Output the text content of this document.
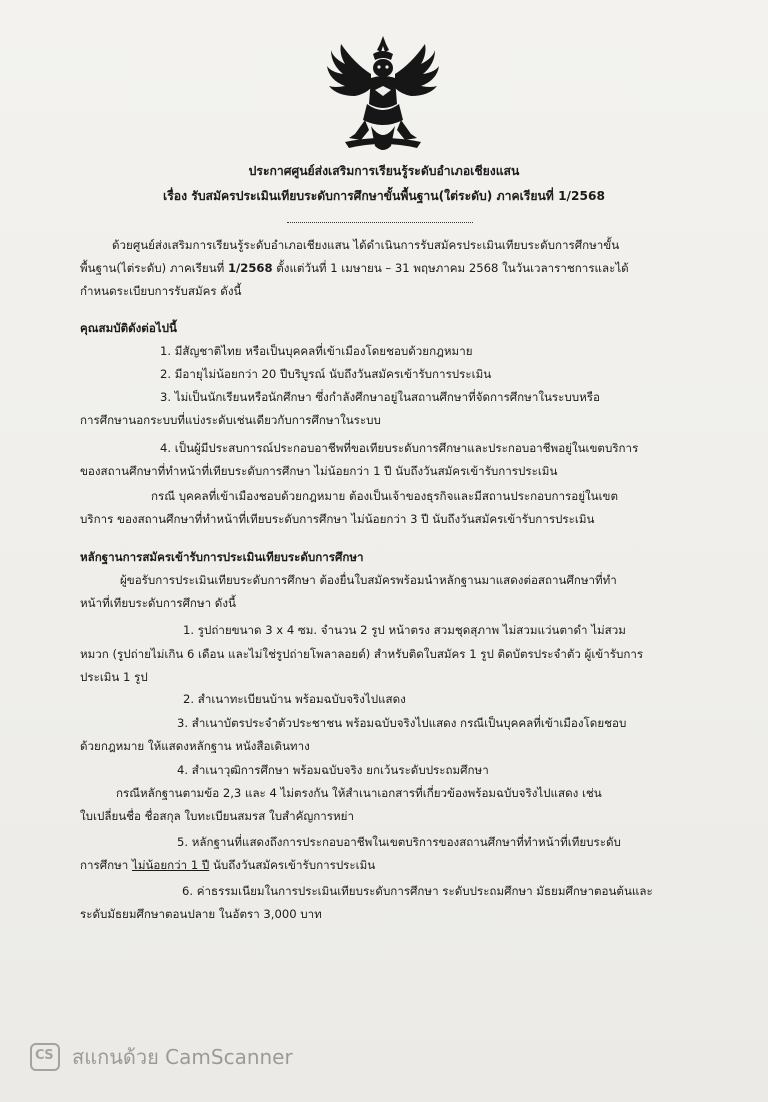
ประกาศศูนย์ส่งเสริมการเรียนรู้ระดับอำเภอเชียงแสน
เรื่อง รับสมัครประเมินเทียบระดับการศึกษาขั้นพื้นฐาน(ใต่ระดับ) ภาคเรียนที่ 1/2568
ด้วยศูนย์ส่งเสริมการเรียนรู้ระดับอำเภอเชียงแสน ได้ดำเนินการรับสมัครประเมินเทียบระดับการศึกษาขั้น
พื้นฐาน(ไต่ระดับ) ภาคเรียนที่ 1/2568 ตั้งแต่วันที่ 1 เมษายน – 31 พฤษภาคม 2568 ในวันเวลาราชการและได้
กำหนดระเบียบการรับสมัคร ดังนี้
คุณสมบัติดังต่อไปนี้
1. มีสัญชาติไทย หรือเป็นบุคคลที่เข้าเมืองโดยชอบด้วยกฎหมาย
2. มีอายุไม่น้อยกว่า 20 ปีบริบูรณ์ นับถึงวันสมัครเข้ารับการประเมิน
3. ไม่เป็นนักเรียนหรือนักศึกษา ซึ่งกำลังศึกษาอยู่ในสถานศึกษาที่จัดการศึกษาในระบบหรือ
การศึกษานอกระบบที่แบ่งระดับเช่นเดียวกับการศึกษาในระบบ
4. เป็นผู้มีประสบการณ์ประกอบอาชีพที่ขอเทียบระดับการศึกษาและประกอบอาชีพอยู่ในเขตบริการ
ของสถานศึกษาที่ทำหน้าที่เทียบระดับการศึกษา ไม่น้อยกว่า 1 ปี นับถึงวันสมัครเข้ารับการประเมิน
กรณี บุคคลที่เข้าเมืองชอบด้วยกฎหมาย ต้องเป็นเจ้าของธุรกิจและมีสถานประกอบการอยู่ในเขต
บริการ ของสถานศึกษาที่ทำหน้าที่เทียบระดับการศึกษา ไม่น้อยกว่า 3 ปี นับถึงวันสมัครเข้ารับการประเมิน
หลักฐานการสมัครเข้ารับการประเมินเทียบระดับการศึกษา
ผู้ขอรับการประเมินเทียบระดับการศึกษา ต้องยื่นใบสมัครพร้อมนำหลักฐานมาแสดงต่อสถานศึกษาที่ทำ
หน้าที่เทียบระดับการศึกษา ดังนี้
1. รูปถ่ายขนาด 3 x 4 ซม. จำนวน 2 รูป หน้าตรง สวมชุดสุภาพ ไม่สวมแว่นตาดำ ไม่สวม
หมวก (รูปถ่ายไม่เกิน 6 เดือน และไม่ใช่รูปถ่ายโพลาลอยด์) สำหรับติดใบสมัคร 1 รูป ติดบัตรประจำตัว ผู้เข้ารับการ
ประเมิน 1 รูป
2. สำเนาทะเบียนบ้าน พร้อมฉบับจริงไปแสดง
3. สำเนาบัตรประจำตัวประชาชน พร้อมฉบับจริงไปแสดง กรณีเป็นบุคคลที่เข้าเมืองโดยชอบ
ด้วยกฎหมาย ให้แสดงหลักฐาน หนังสือเดินทาง
4. สำเนาวุฒิการศึกษา พร้อมฉบับจริง ยกเว้นระดับประถมศึกษา
กรณีหลักฐานตามข้อ 2,3 และ 4 ไม่ตรงกัน ให้สำเนาเอกสารที่เกี่ยวข้องพร้อมฉบับจริงไปแสดง เช่น
ใบเปลี่ยนชื่อ ชื่อสกุล ใบทะเบียนสมรส ใบสำคัญการหย่า
5. หลักฐานที่แสดงถึงการประกอบอาชีพในเขตบริการของสถานศึกษาที่ทำหน้าที่เทียบระดับ
การศึกษา ไม่น้อยกว่า 1 ปี นับถึงวันสมัครเข้ารับการประเมิน
6. ค่าธรรมเนียมในการประเมินเทียบระดับการศึกษา ระดับประถมศึกษา มัธยมศึกษาตอนต้นและ
ระดับมัธยมศึกษาตอนปลาย ในอัตรา 3,000 บาท
CS สแกนด้วย CamScanner
